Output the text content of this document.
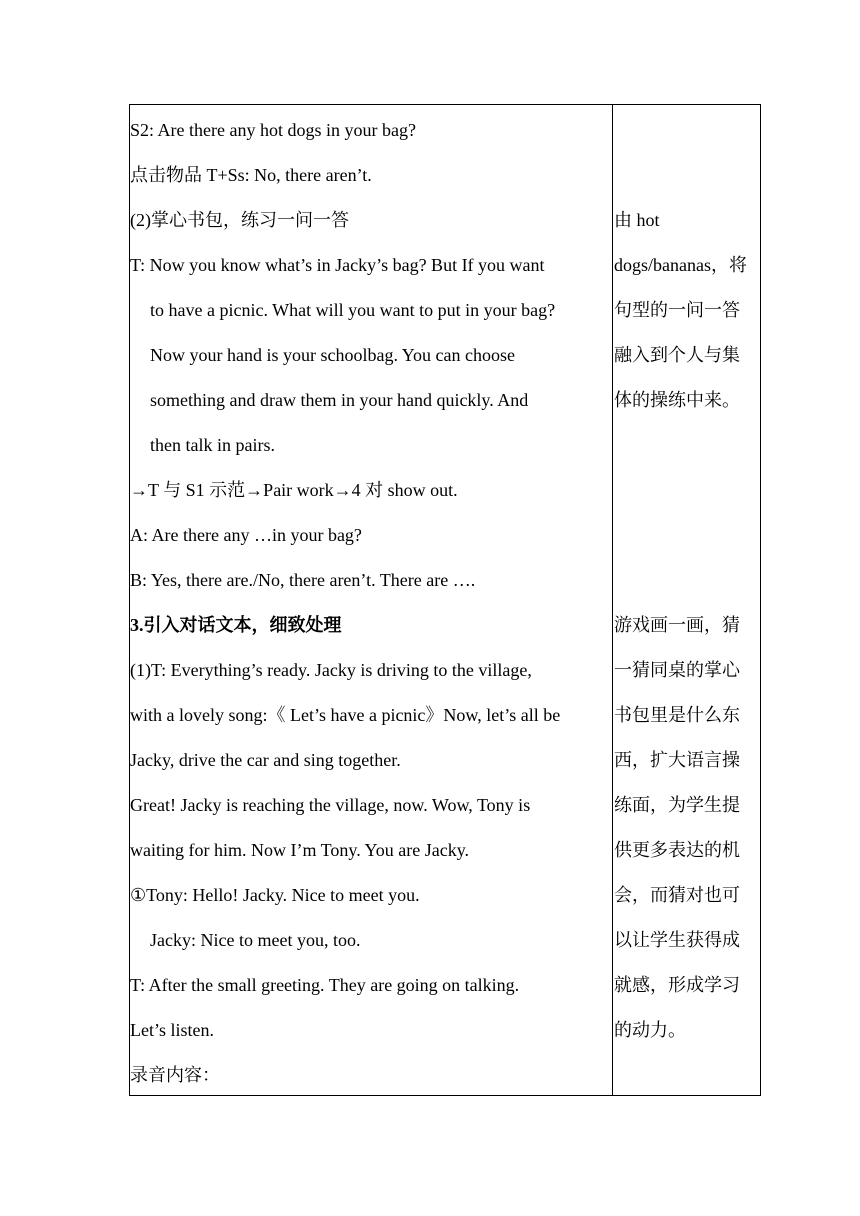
S2: Are there any hot dogs in your bag?
点击物品 T+Ss: No, there aren’t.
(2)掌心书包，练习一问一答
T: Now you know what’s in Jacky’s bag? But If you want
to have a picnic. What will you want to put in your bag?
Now your hand is your schoolbag. You can choose
something and draw them in your hand quickly. And
then talk in pairs.
→T 与 S1 示范→Pair work→4 对 show out.
A: Are there any …in your bag?
B: Yes, there are./No, there aren’t. There are ….
3.引入对话文本，细致处理
(1)T: Everything’s ready. Jacky is driving to the village,
with a lovely song:《 Let’s have a picnic》Now, let’s all be
Jacky, drive the car and sing together.
Great! Jacky is reaching the village, now. Wow, Tony is
waiting for him. Now I’m Tony. You are Jacky.
①Tony: Hello! Jacky. Nice to meet you.
Jacky: Nice to meet you, too.
T: After the small greeting. They are going on talking.
Let’s listen.
录音内容：
由 hot
dogs/bananas，将
句型的一问一答
融入到个人与集
体的操练中来。
游戏画一画，猜
一猜同桌的掌心
书包里是什么东
西，扩大语言操
练面，为学生提
供更多表达的机
会，而猜对也可
以让学生获得成
就感，形成学习
的动力。
